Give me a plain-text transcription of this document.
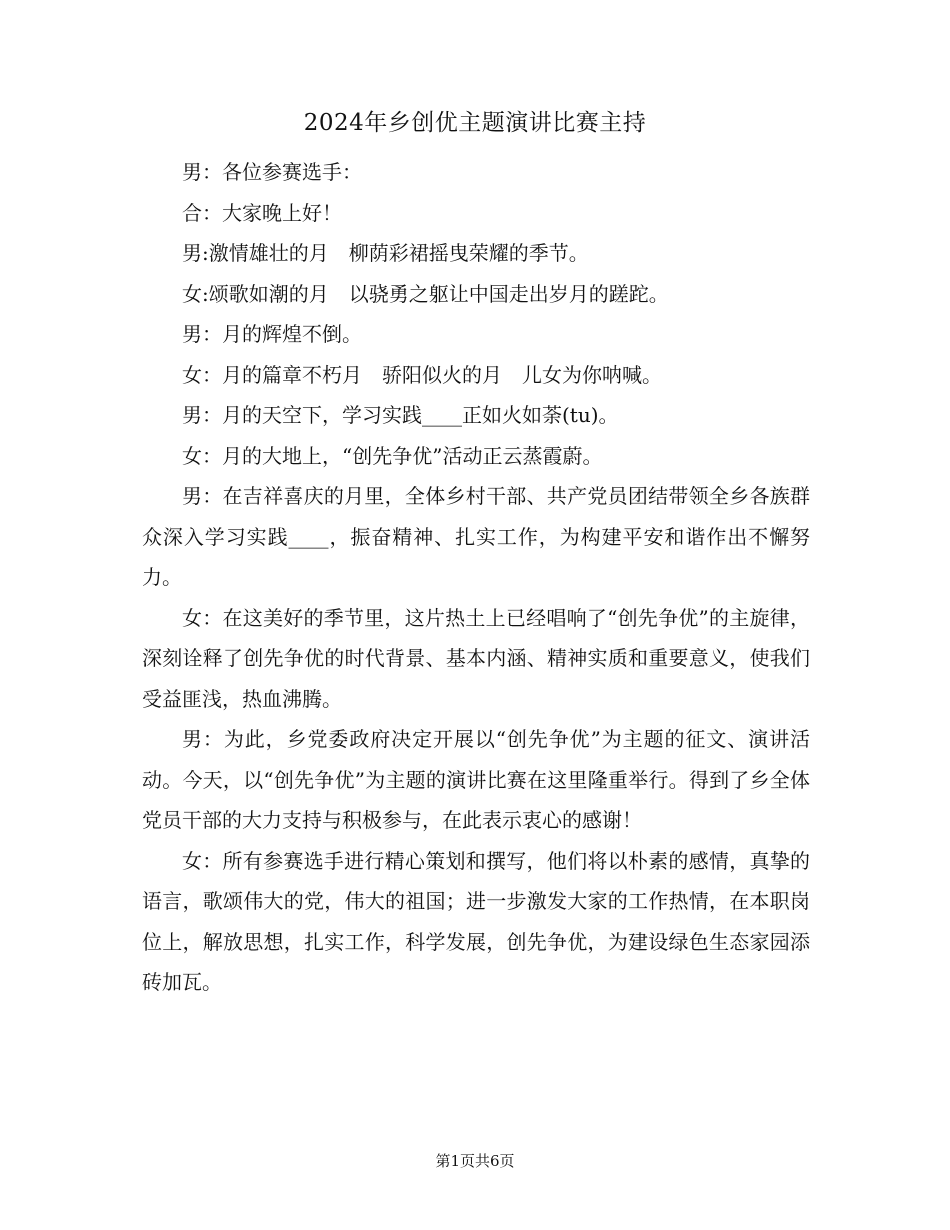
2024年乡创优主题演讲比赛主持

男：各位参赛选手：

合：大家晚上好！

男:激情雄壮的月　柳荫彩裙摇曳荣耀的季节。

女:颂歌如潮的月　以骁勇之躯让中国走出岁月的蹉跎。

男：月的辉煌不倒。

女：月的篇章不朽月　骄阳似火的月　儿女为你呐喊。

男：月的天空下，学习实践____正如火如荼(tu)。

女：月的大地上，“创先争优”活动正云蒸霞蔚。

男：在吉祥喜庆的月里，全体乡村干部、共产党员团结带领全乡各族群众深入学习实践____，振奋精神、扎实工作，为构建平安和谐作出不懈努力。

女：在这美好的季节里，这片热土上已经唱响了“创先争优”的主旋律，深刻诠释了创先争优的时代背景、基本内涵、精神实质和重要意义，使我们受益匪浅，热血沸腾。

男：为此，乡党委政府决定开展以“创先争优”为主题的征文、演讲活动。今天，以“创先争优”为主题的演讲比赛在这里隆重举行。得到了乡全体党员干部的大力支持与积极参与，在此表示衷心的感谢！

女：所有参赛选手进行精心策划和撰写，他们将以朴素的感情，真挚的语言，歌颂伟大的党，伟大的祖国；进一步激发大家的工作热情，在本职岗位上，解放思想，扎实工作，科学发展，创先争优，为建设绿色生态家园添砖加瓦。

第1页共6页
